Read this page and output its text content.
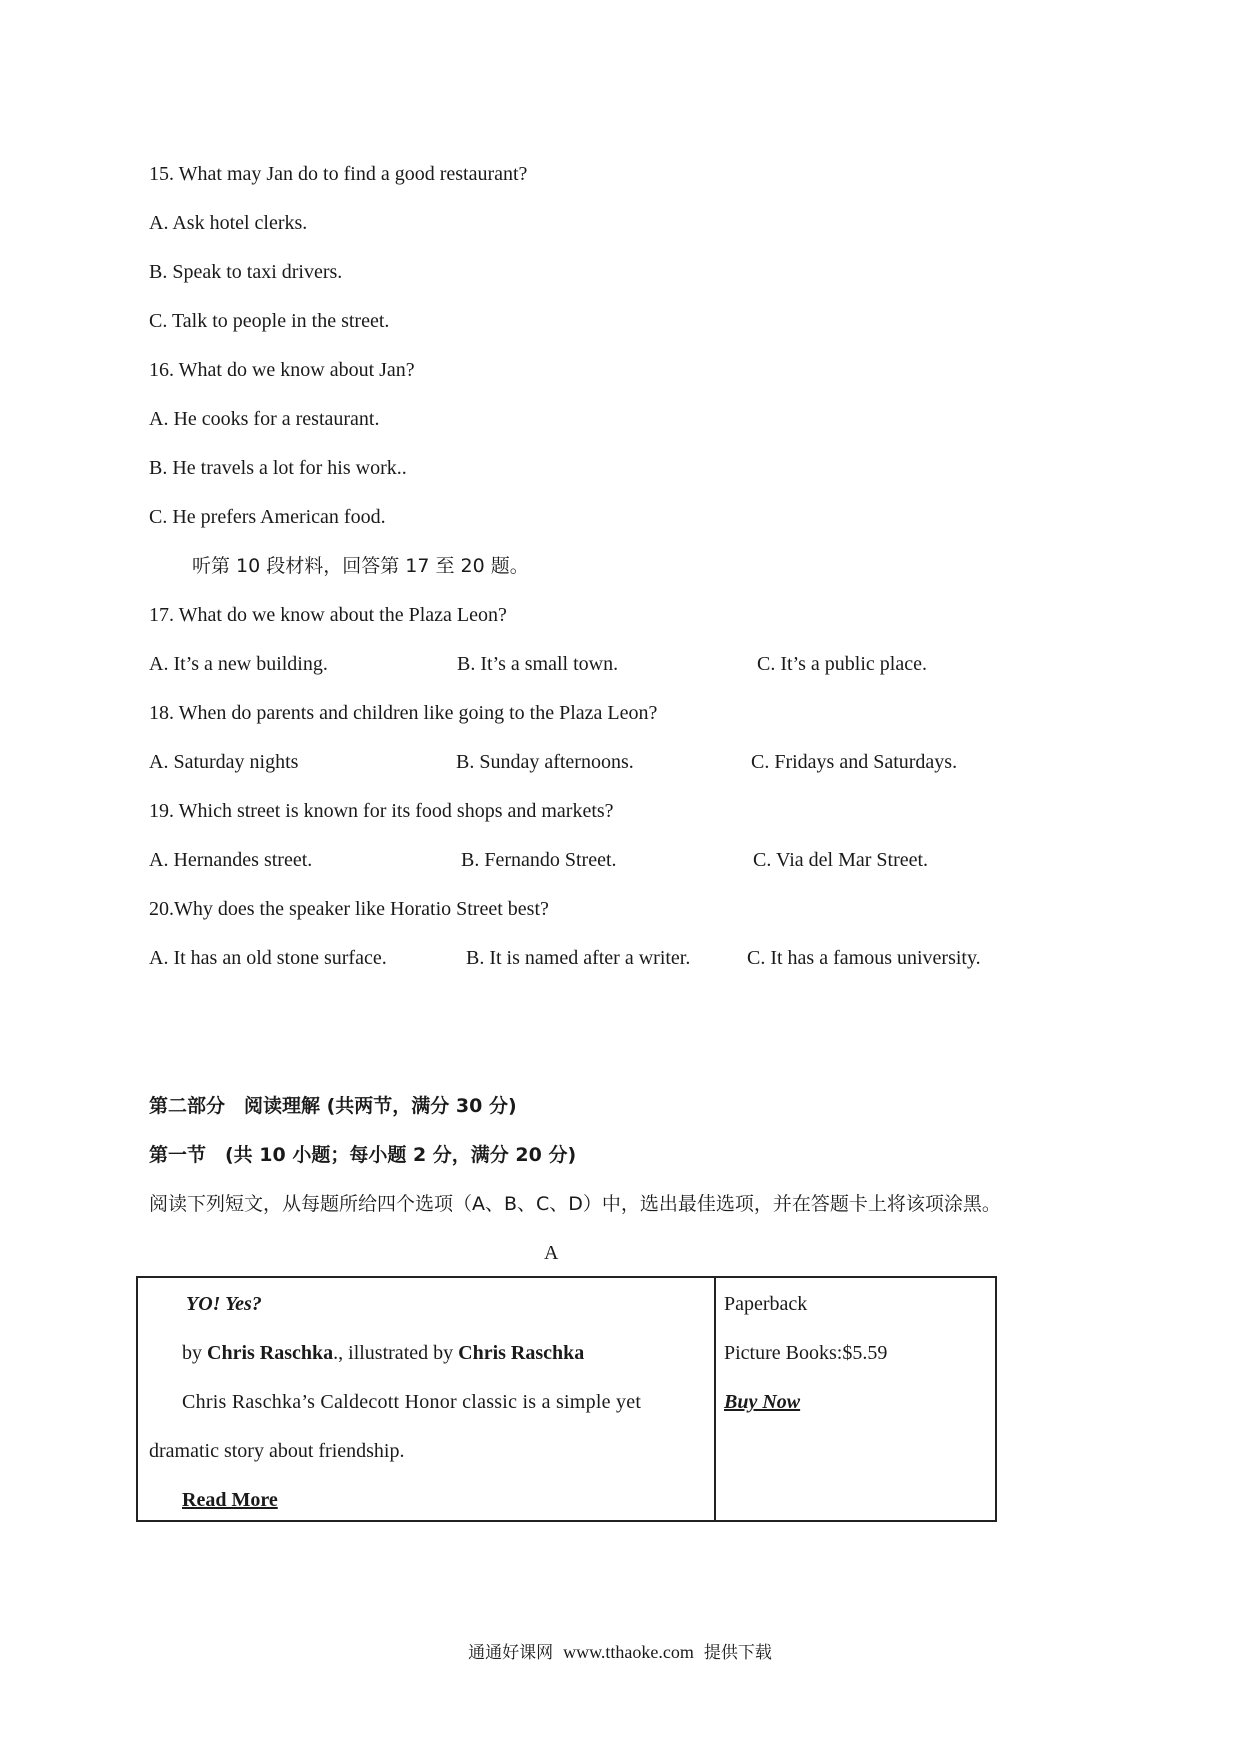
15. What may Jan do to find a good restaurant?
A. Ask hotel clerks.
B. Speak to taxi drivers.
C. Talk to people in the street.
16. What do we know about Jan?
A. He cooks for a restaurant.
B. He travels a lot for his work..
C. He prefers American food.
听第 10 段材料，回答第 17 至 20 题。
17. What do we know about the Plaza Leon?
A. It’s a new building.	B. It’s a small town.	C. It’s a public place.
18. When do parents and children like going to the Plaza Leon?
A. Saturday nights	B. Sunday afternoons.	C. Fridays and Saturdays.
19. Which street is known for its food shops and markets?
A. Hernandes street.	B. Fernando Street.	C. Via del Mar Street.
20.Why does the speaker like Horatio Street best?
A. It has an old stone surface.	B. It is named after a writer.	C. It has a famous university.
第二部分　阅读理解 (共两节，满分 30 分)
第一节　(共 10 小题；每小题 2 分，满分 20 分)
阅读下列短文，从每题所给四个选项（A、B、C、D）中，选出最佳选项，并在答题卡上将该项涂黑。
A
YO! Yes?
by Chris Raschka., illustrated by Chris Raschka
Chris Raschka’s Caldecott Honor classic is a simple yet
dramatic story about friendship.
Read More
Paperback
Picture Books:$5.59
Buy Now
通通好课网 www.tthaoke.com 提供下载
